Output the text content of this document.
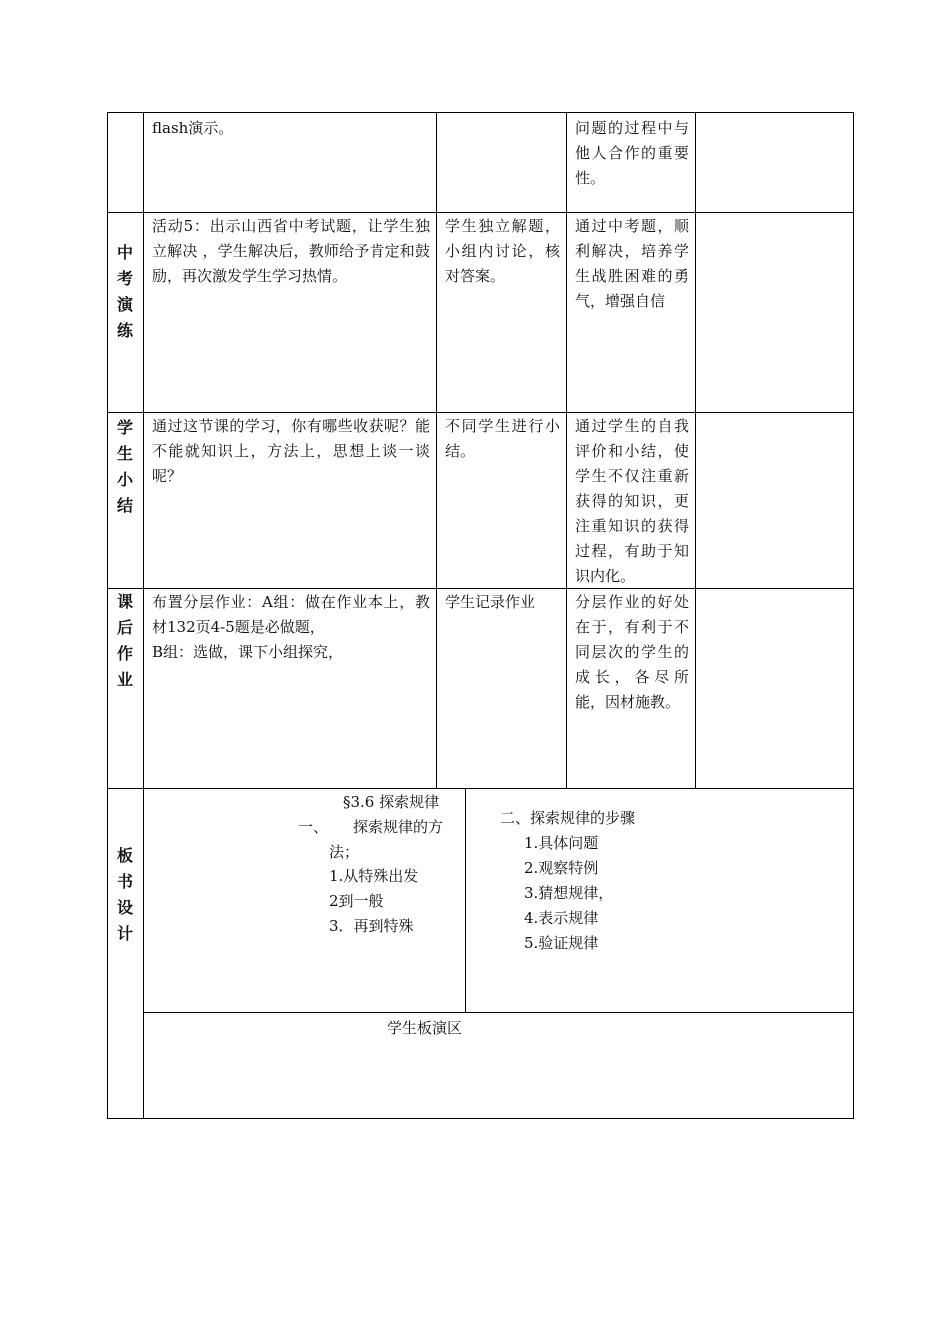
flash演示。	问题的过程中与他人合作的重要性。
中
考
演
练
活动5：出示山西省中考试题，让学生独立解决 ，学生解决后，教师给予肯定和鼓励，再次激发学生学习热情。
学生独立解题，小组内讨论，核对答案。
通过中考题，顺利解决，培养学生战胜困难的勇气，增强自信
学
生
小
结
通过这节课的学习，你有哪些收获呢？能不能就知识上，方法上，思想上谈一谈呢？
不同学生进行小结。
通过学生的自我评价和小结，使学生不仅注重新获得的知识，更注重知识的获得过程，有助于知识内化。
课
后
作
业
布置分层作业：A组：做在作业本上，教材132页4-5题是必做题，
B组：选做，课下小组探究，
学生记录作业	分层作业的好处在于，有利于不同层次的学生的成长，各尽所能，因材施教。
板
书
设
计
§3.6 探索规律
一、 探索规律的方
法；
1.从特殊出发
2到一般
3．再到特殊
二、探索规律的步骤
1.具体问题
2.观察特例
3.猜想规律，
4.表示规律
5.验证规律
学生板演区
